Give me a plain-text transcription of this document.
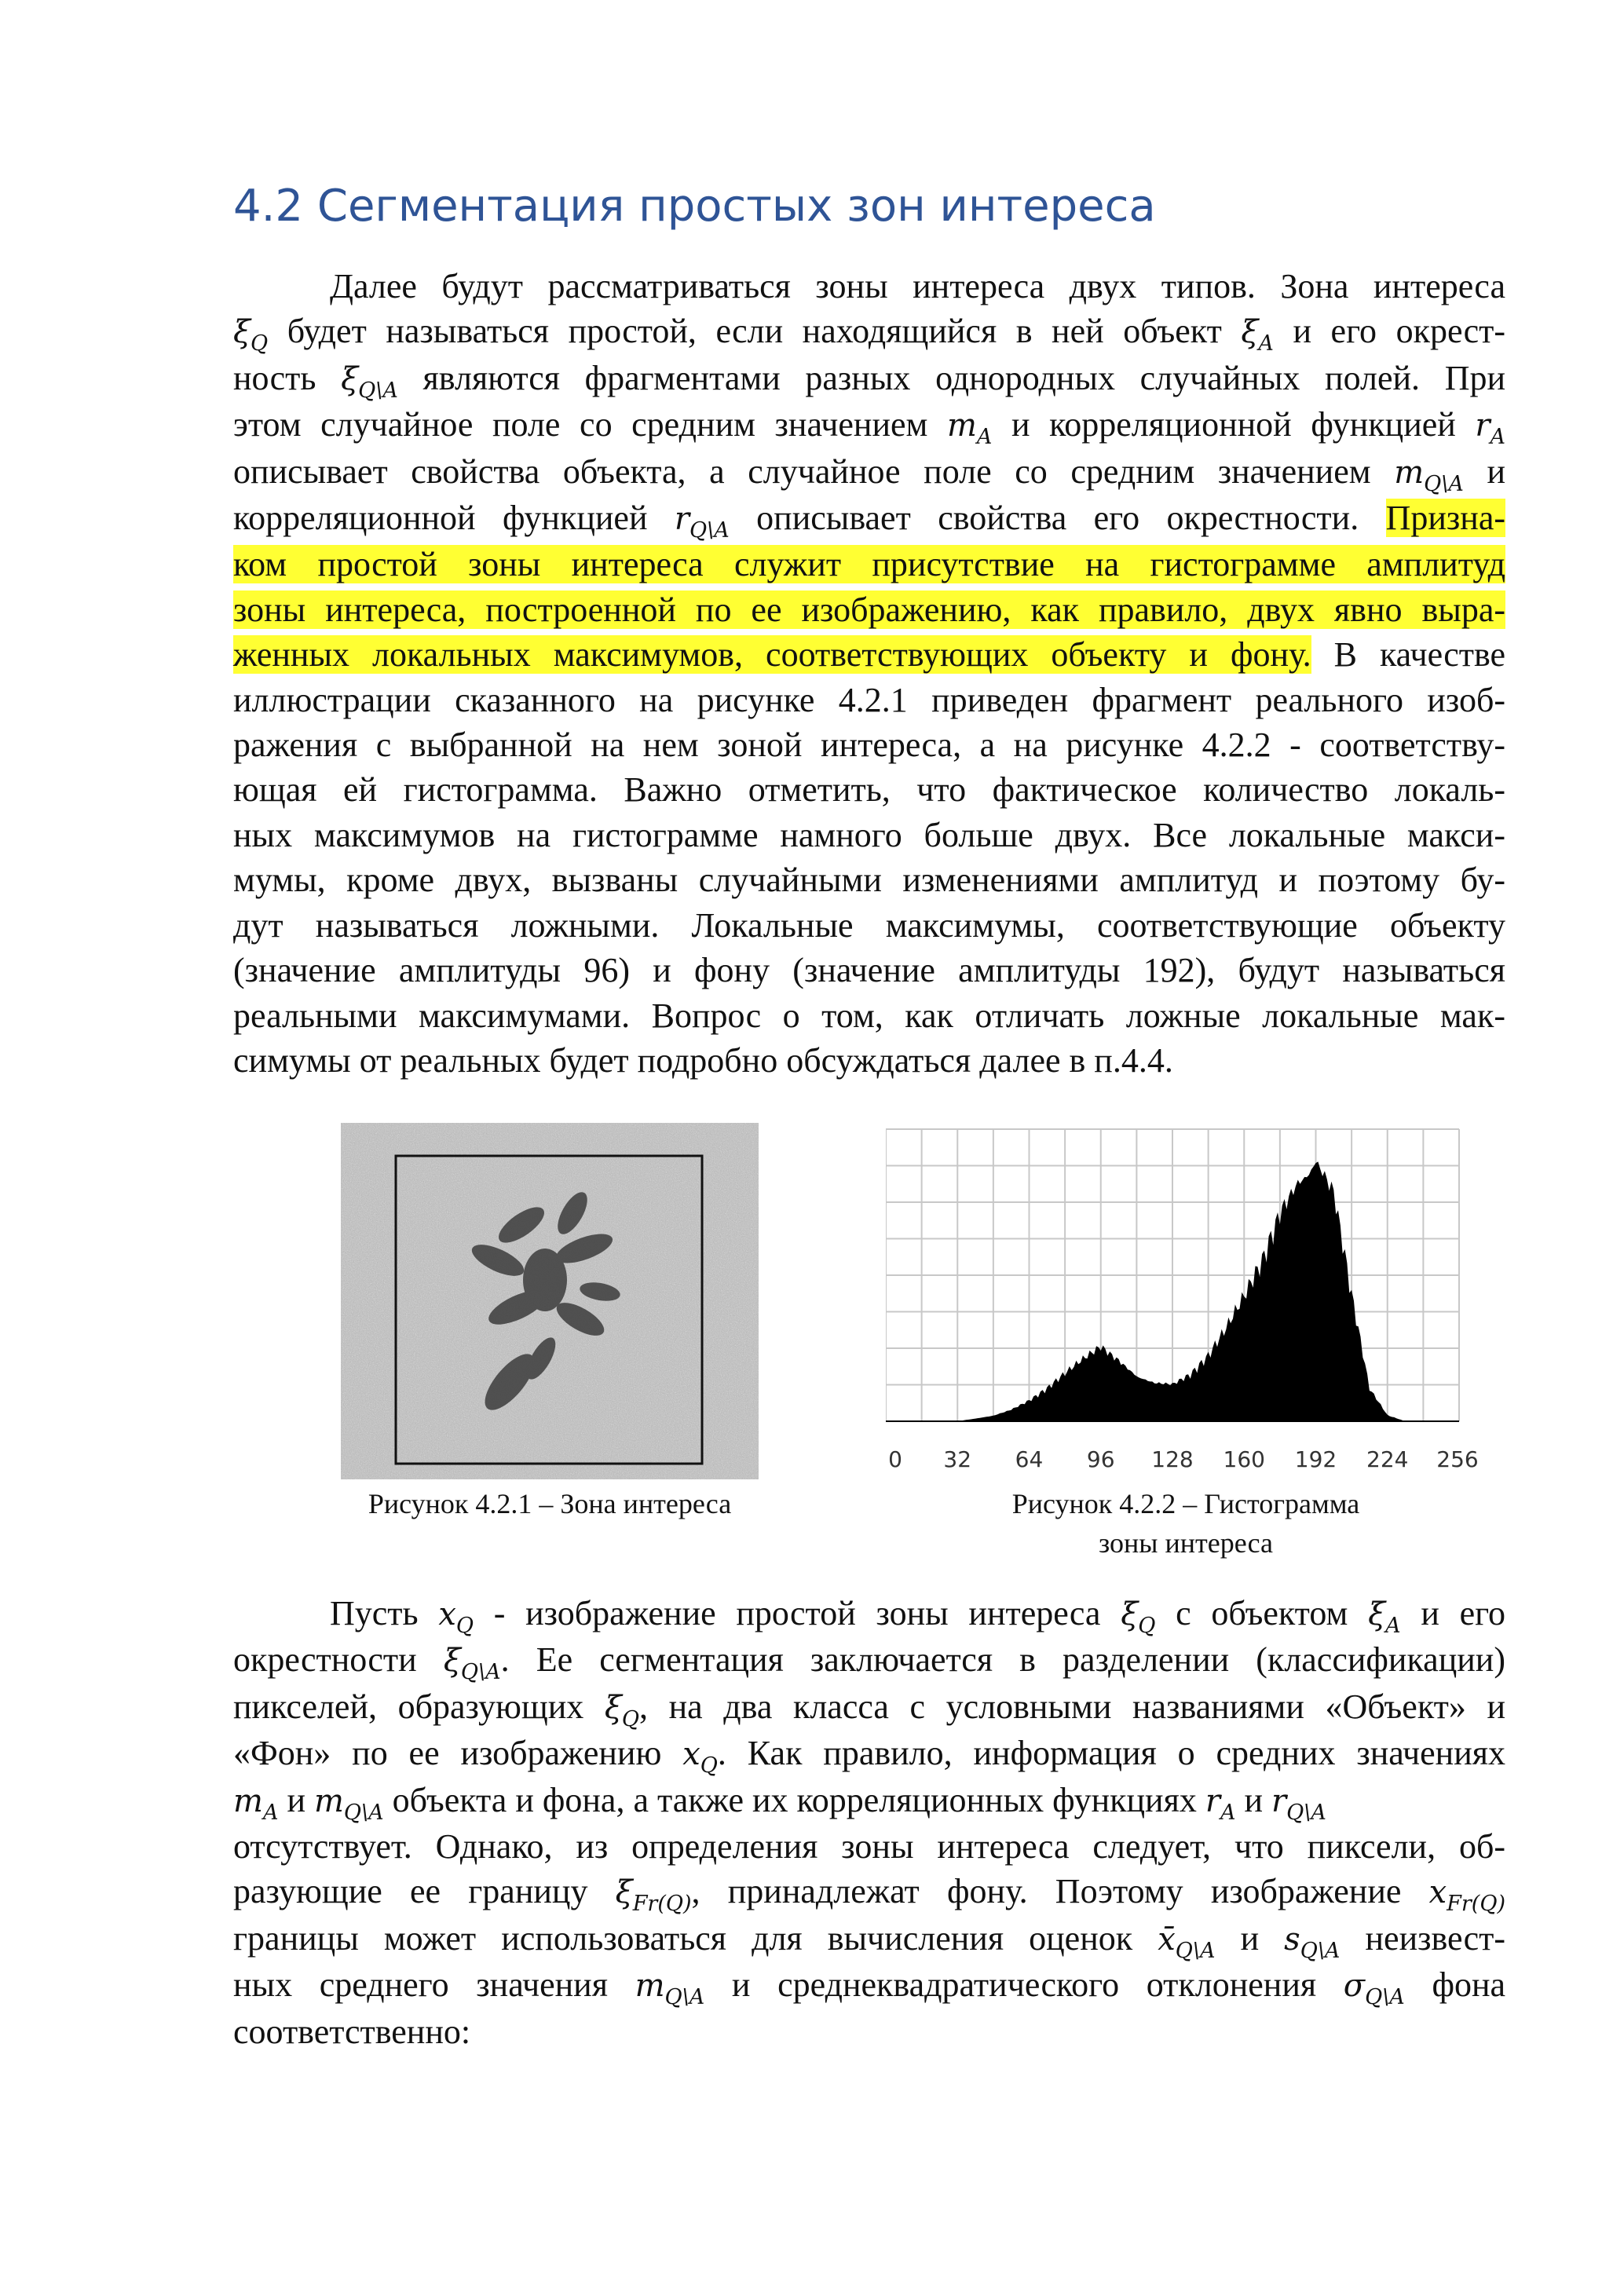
4.2 Сегментация простых зон интереса
Далее будут рассматриваться зоны интереса двух типов. Зона интереса
$\xi_Q$ будет называться простой, если находящийся в ней объект $\xi_A$ и его окрест-
ность $\xi_{Q\backslash A}$ являются фрагментами разных однородных случайных полей. При
этом случайное поле со средним значением $m_A$ и корреляционной функцией $r_A$
описывает свойства объекта, а случайное поле со средним значением $m_{Q\backslash A}$ и
корреляционной функцией $r_{Q\backslash A}$ описывает свойства его окрестности. Призна-
ком простой зоны интереса служит присутствие на гистограмме амплитуд
зоны интереса, построенной по ее изображению, как правило, двух явно выра-
женных локальных максимумов, соответствующих объекту и фону. В качестве
иллюстрации сказанного на рисунке 4.2.1 приведен фрагмент реального изоб-
ражения с выбранной на нем зоной интереса, а на рисунке 4.2.2 - соответству-
ющая ей гистограмма. Важно отметить, что фактическое количество локаль-
ных максимумов на гистограмме намного больше двух. Все локальные макси-
мумы, кроме двух, вызваны случайными изменениями амплитуд и поэтому бу-
дут называться ложными. Локальные максимумы, соответствующие объекту
(значение амплитуды 96) и фону (значение амплитуды 192), будут называться
реальными максимумами. Вопрос о том, как отличать ложные локальные мак-
симумы от реальных будет подробно обсуждаться далее в п.4.4.
Рисунок 4.2.1 – Зона интереса
0 32 64 96 128 160 192 224 256
Рисунок 4.2.2 – Гистограмма
зоны интереса
Пусть $x_Q$ - изображение простой зоны интереса $\xi_Q$ с объектом $\xi_A$ и его
окрестности $\xi_{Q\backslash A}$. Ее сегментация заключается в разделении (классификации)
пикселей, образующих $\xi_Q$, на два класса с условными названиями «Объект» и
«Фон» по ее изображению $x_Q$. Как правило, информация о средних значениях
$m_A$ и $m_{Q\backslash A}$ объекта и фона, а также их корреляционных функциях $r_A$ и $r_{Q\backslash A}$
отсутствует. Однако, из определения зоны интереса следует, что пиксели, об-
разующие ее границу $\xi_{Fr(Q)}$, принадлежат фону. Поэтому изображение $x_{Fr(Q)}$
границы может использоваться для вычисления оценок $x̄_{Q\backslash A}$ и $s_{Q\backslash A}$ неизвест-
ных среднего значения $m_{Q\backslash A}$ и среднеквадратического отклонения $\sigma_{Q\backslash A}$ фона
соответственно:
